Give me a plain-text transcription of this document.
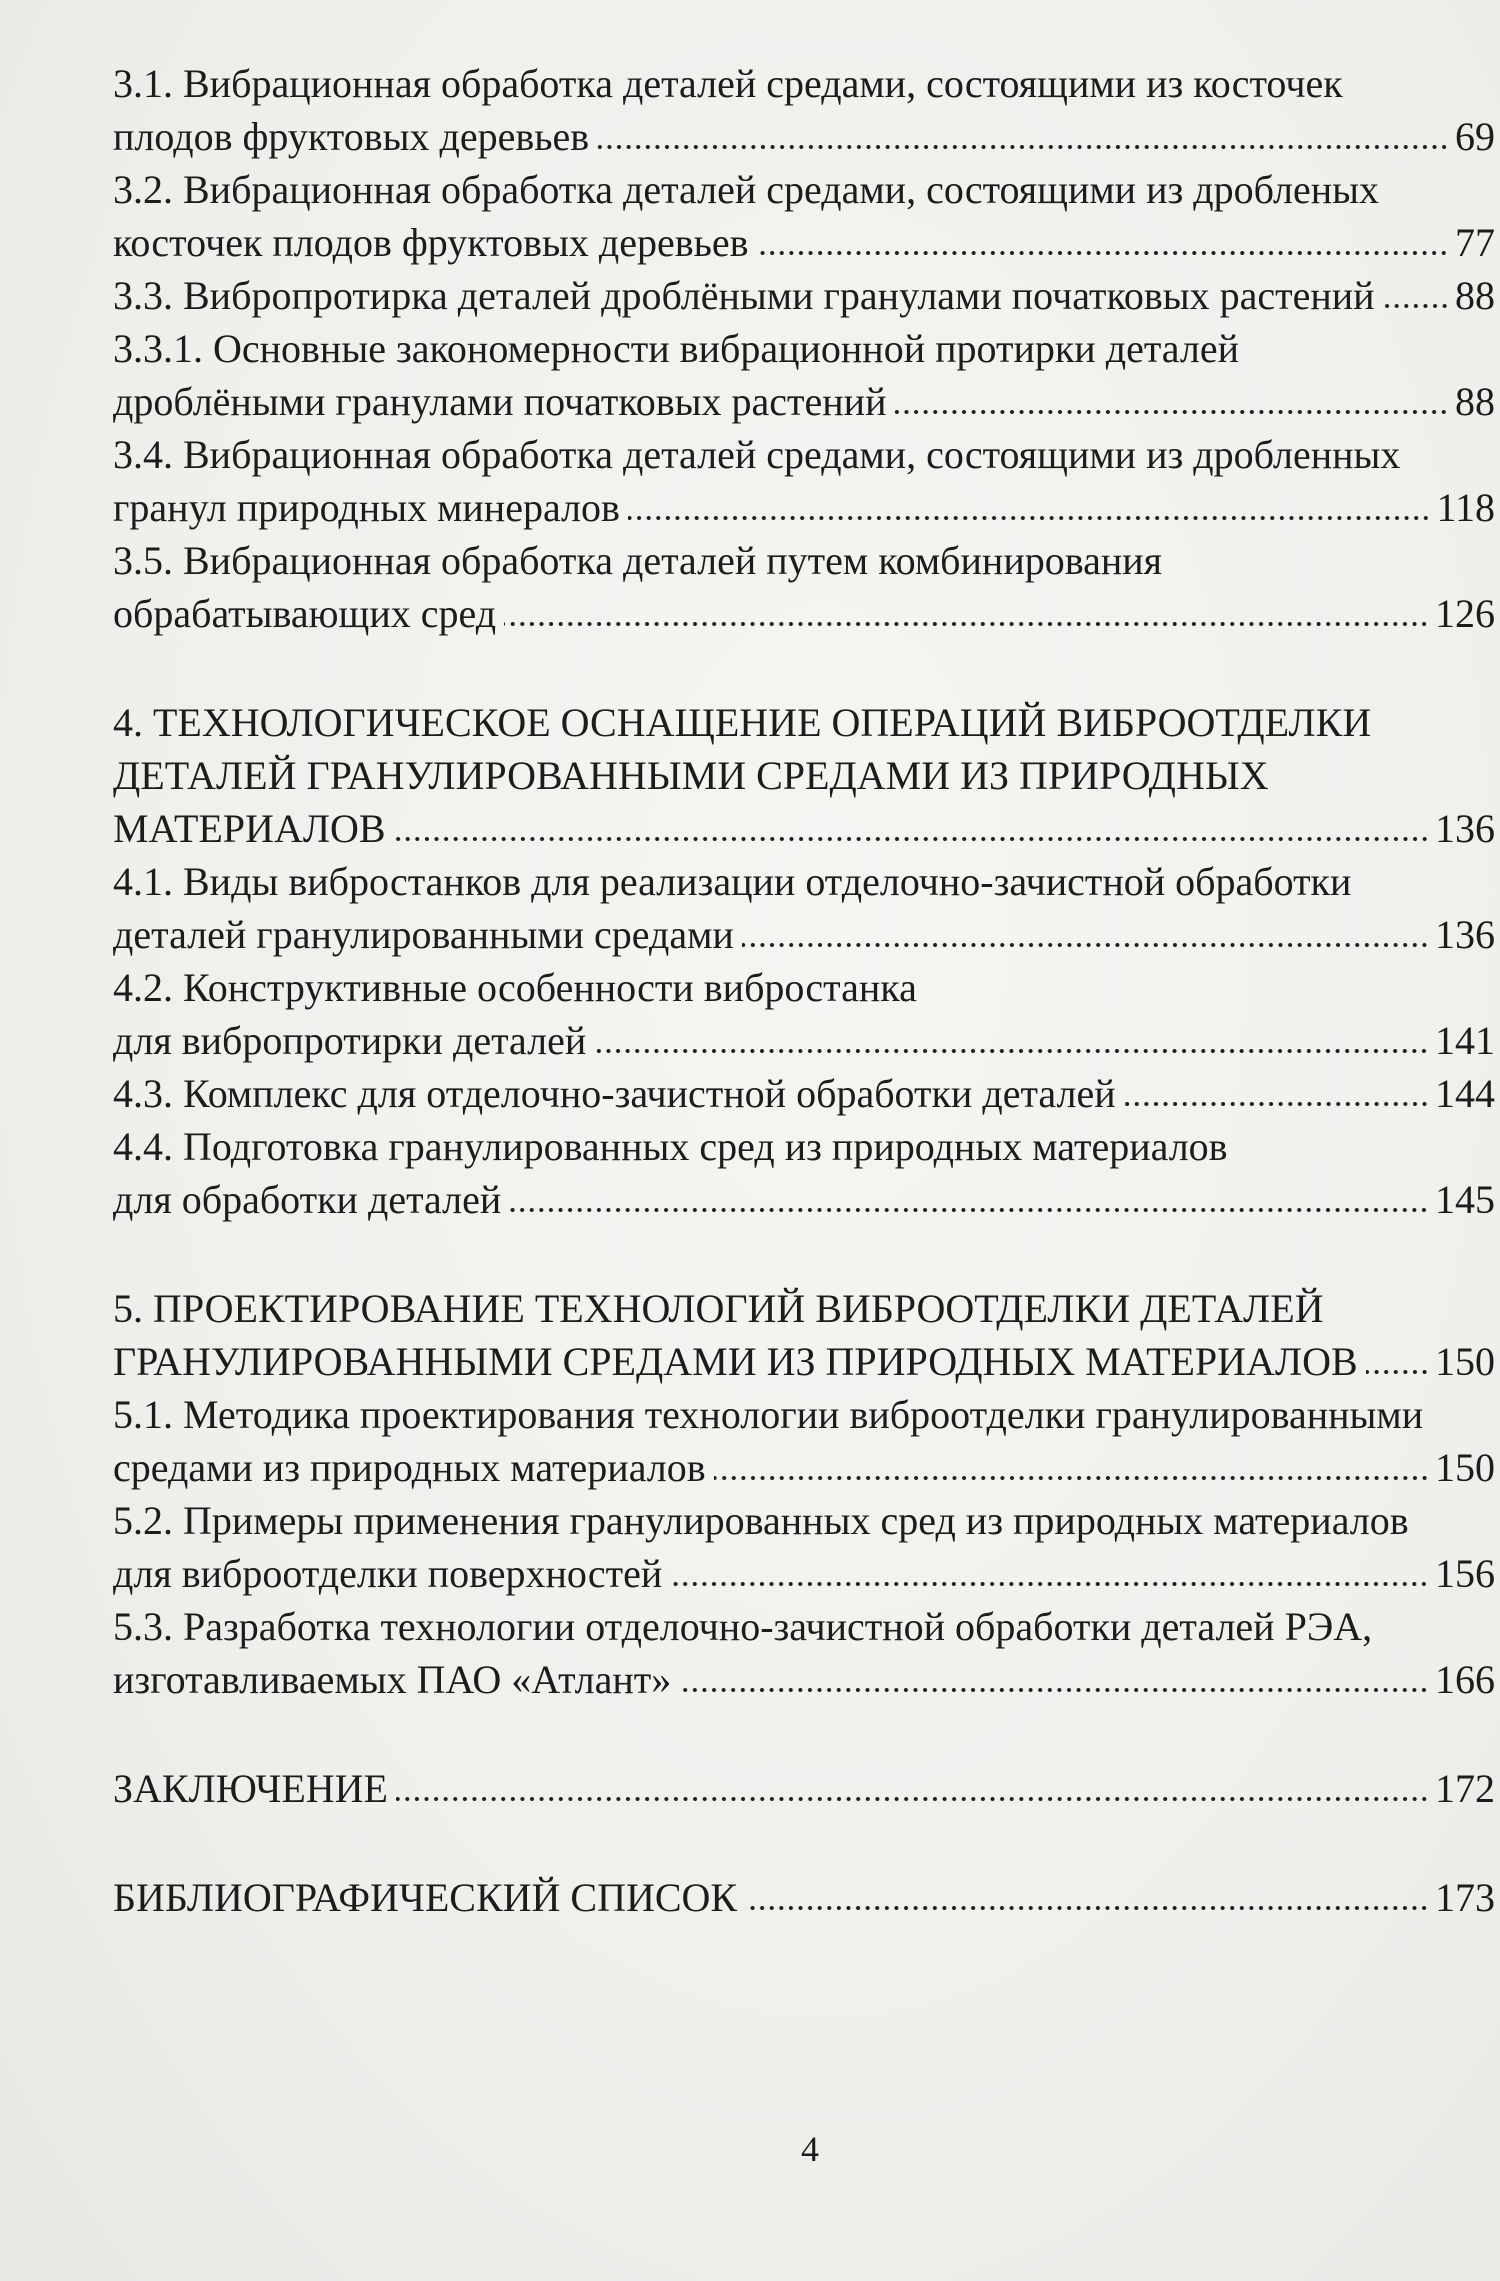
3.1. Вибрационная обработка деталей средами, состоящими из косточек
плодов фруктовых деревьев	69
3.2. Вибрационная обработка деталей средами, состоящими из дробленых
косточек плодов фруктовых деревьев	77
3.3. Вибропротирка деталей дроблёными гранулами початковых растений 88
3.3.1. Основные закономерности вибрационной протирки деталей
дроблёными гранулами початковых растений	88
3.4. Вибрационная обработка деталей средами, состоящими из дробленных
гранул природных минералов	118
3.5. Вибрационная обработка деталей путем комбинирования
обрабатывающих сред	126
4. ТЕХНОЛОГИЧЕСКОЕ ОСНАЩЕНИЕ ОПЕРАЦИЙ ВИБРООТДЕЛКИ
ДЕТАЛЕЙ ГРАНУЛИРОВАННЫМИ СРЕДАМИ ИЗ ПРИРОДНЫХ
МАТЕРИАЛОВ	136
4.1. Виды вибростанков для реализации отделочно-зачистной обработки
деталей гранулированными средами	136
4.2. Конструктивные особенности вибростанка
для вибропротирки деталей	141
4.3. Комплекс для отделочно-зачистной обработки деталей	144
4.4. Подготовка гранулированных сред из природных материалов
для обработки деталей	145
5. ПРОЕКТИРОВАНИЕ ТЕХНОЛОГИЙ ВИБРООТДЕЛКИ ДЕТАЛЕЙ
ГРАНУЛИРОВАННЫМИ СРЕДАМИ ИЗ ПРИРОДНЫХ МАТЕРИАЛОВ 150
5.1. Методика проектирования технологии виброотделки гранулированными
средами из природных материалов	150
5.2. Примеры применения гранулированных сред из природных материалов
для виброотделки поверхностей	156
5.3. Разработка технологии отделочно-зачистной обработки деталей РЭА,
изготавливаемых ПАО «Атлант»	166
ЗАКЛЮЧЕНИЕ	172
БИБЛИОГРАФИЧЕСКИЙ СПИСОК	173
4
